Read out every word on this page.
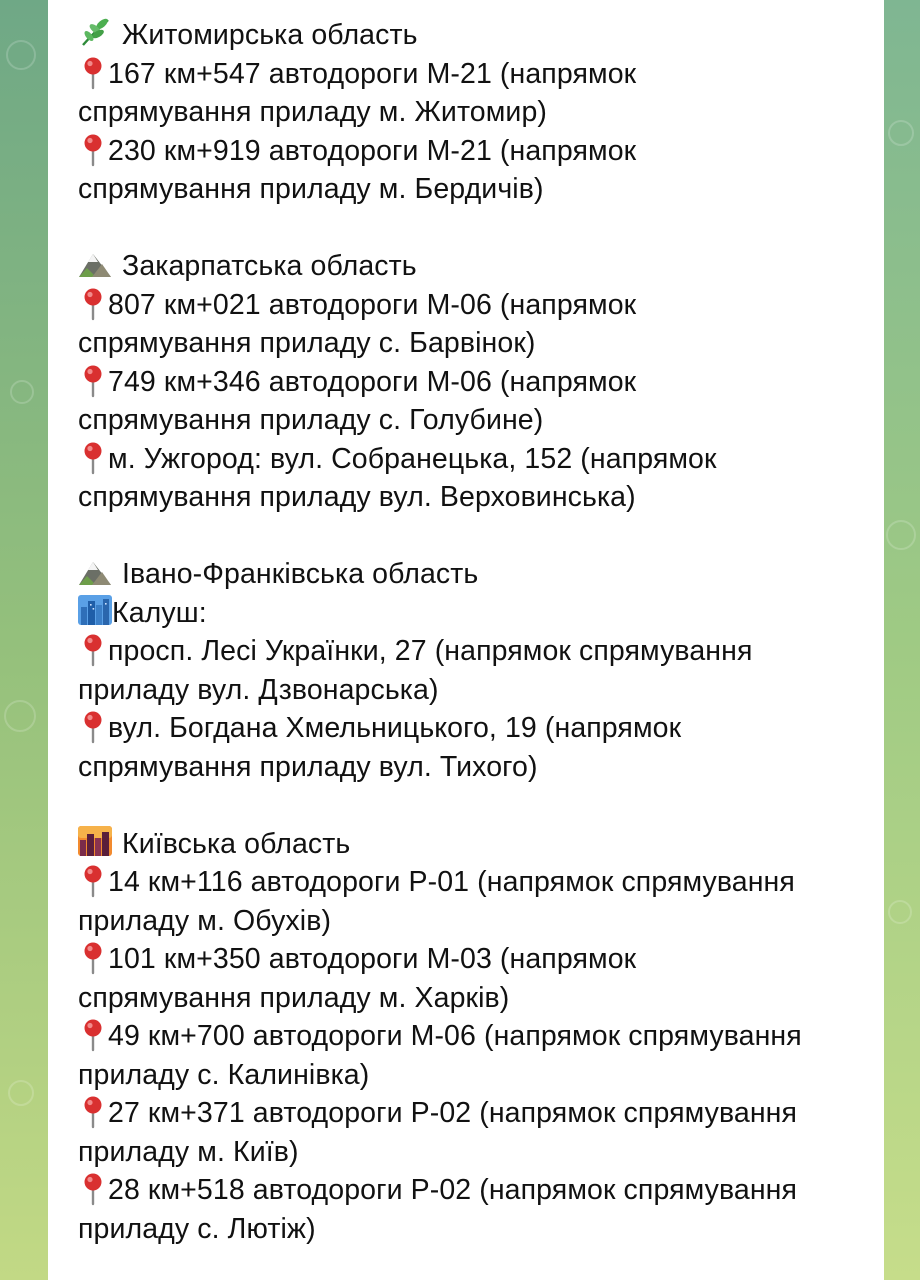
Житомирська область
167 км+547 автодороги М-21 (напрямок
спрямування приладу м. Житомир)
230 км+919 автодороги М-21 (напрямок
спрямування приладу м. Бердичів)
Закарпатська область
807 км+021 автодороги М-06 (напрямок
спрямування приладу с. Барвінок)
749 км+346 автодороги М-06 (напрямок
спрямування приладу с. Голубине)
м. Ужгород: вул. Собранецька, 152 (напрямок
спрямування приладу вул. Верховинська)
Івано-Франківська область
Калуш:
просп. Лесі Українки, 27 (напрямок спрямування
приладу вул. Дзвонарська)
вул. Богдана Хмельницького, 19 (напрямок
спрямування приладу вул. Тихого)
Київська область
14 км+116 автодороги Р-01 (напрямок спрямування
приладу м. Обухів)
101 км+350 автодороги М-03 (напрямок
спрямування приладу м. Харків)
49 км+700 автодороги М-06 (напрямок спрямування
приладу с. Калинівка)
27 км+371 автодороги Р-02 (напрямок спрямування
приладу м. Київ)
28 км+518 автодороги Р-02 (напрямок спрямування
приладу с. Лютіж)
